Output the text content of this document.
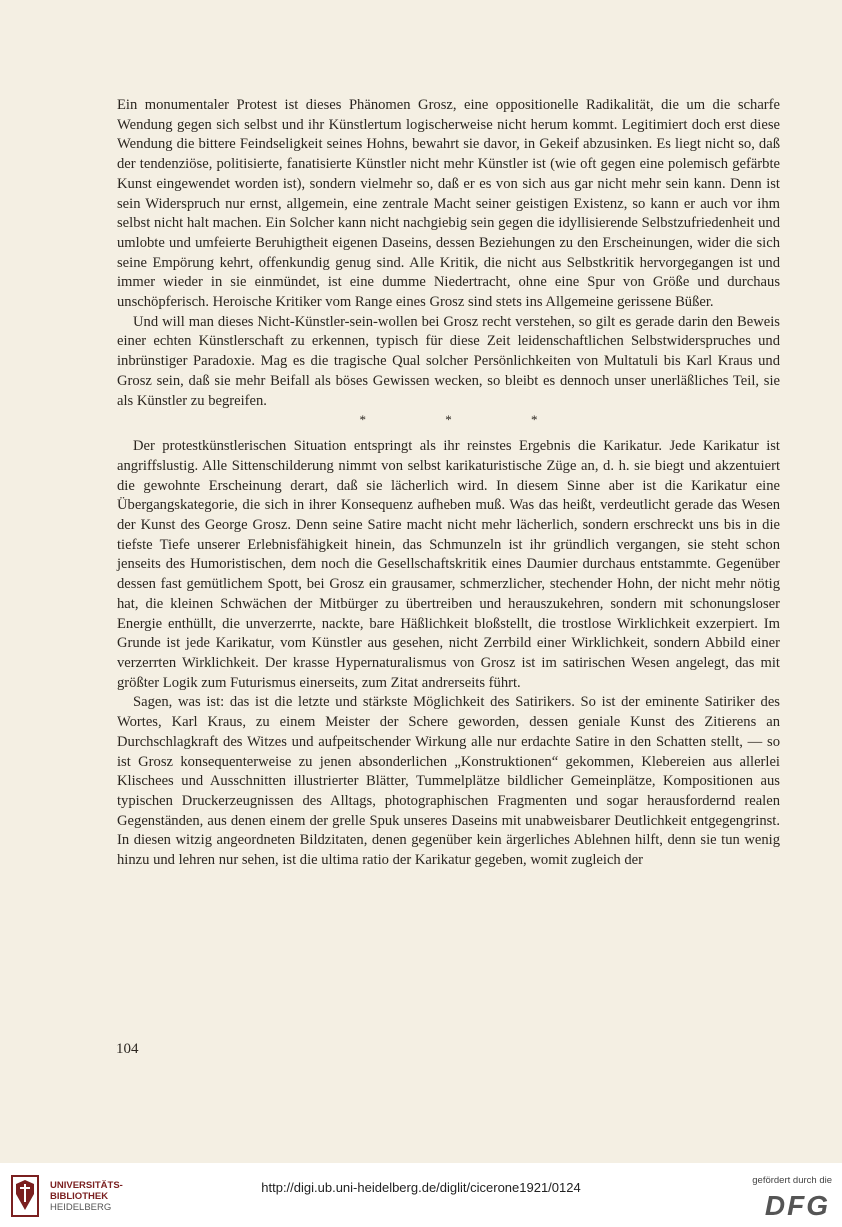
Ein monumentaler Protest ist dieses Phänomen Grosz, eine oppositionelle Radikalität, die um die scharfe Wendung gegen sich selbst und ihr Künstlertum logischerweise nicht herum kommt. Legitimiert doch erst diese Wendung die bittere Feindseligkeit seines Hohns, bewahrt sie davor, in Gekeif abzusinken. Es liegt nicht so, daß der tendenziöse, politisierte, fanatisierte Künstler nicht mehr Künstler ist (wie oft gegen eine polemisch gefärbte Kunst eingewendet worden ist), sondern vielmehr so, daß er es von sich aus gar nicht mehr sein kann. Denn ist sein Widerspruch nur ernst, allgemein, eine zentrale Macht seiner geistigen Existenz, so kann er auch vor ihm selbst nicht halt machen. Ein Solcher kann nicht nachgiebig sein gegen die idyllisierende Selbstzufriedenheit und umlobte und umfeierte Beruhigtheit eigenen Daseins, dessen Beziehungen zu den Erscheinungen, wider die sich seine Empörung kehrt, offenkundig genug sind. Alle Kritik, die nicht aus Selbstkritik hervorgegangen ist und immer wieder in sie einmündet, ist eine dumme Niedertracht, ohne eine Spur von Größe und durchaus unschöpferisch. Heroische Kritiker vom Range eines Grosz sind stets ins Allgemeine gerissene Büßer.

Und will man dieses Nicht-Künstler-sein-wollen bei Grosz recht verstehen, so gilt es gerade darin den Beweis einer echten Künstlerschaft zu erkennen, typisch für diese Zeit leidenschaftlichen Selbstwiderspruches und inbrünstiger Paradoxie. Mag es die tragische Qual solcher Persönlichkeiten von Multatuli bis Karl Kraus und Grosz sein, daß sie mehr Beifall als böses Gewissen wecken, so bleibt es dennoch unser unerläßliches Teil, sie als Künstler zu begreifen.

* * *

Der protestkünstlerischen Situation entspringt als ihr reinstes Ergebnis die Karikatur. Jede Karikatur ist angriffslustig. Alle Sittenschilderung nimmt von selbst karikaturistische Züge an, d. h. sie biegt und akzentuiert die gewohnte Erscheinung derart, daß sie lächerlich wird. In diesem Sinne aber ist die Karikatur eine Übergangskategorie, die sich in ihrer Konsequenz aufheben muß. Was das heißt, verdeutlicht gerade das Wesen der Kunst des George Grosz. Denn seine Satire macht nicht mehr lächerlich, sondern erschreckt uns bis in die tiefste Tiefe unserer Erlebnisfähigkeit hinein, das Schmunzeln ist ihr gründlich vergangen, sie steht schon jenseits des Humoristischen, dem noch die Gesellschaftskritik eines Daumier durchaus entstammte. Gegenüber dessen fast gemütlichem Spott, bei Grosz ein grausamer, schmerzlicher, stechender Hohn, der nicht mehr nötig hat, die kleinen Schwächen der Mitbürger zu übertreiben und herauszukehren, sondern mit schonungsloser Energie enthüllt, die unverzerrte, nackte, bare Häßlichkeit bloßstellt, die trostlose Wirklichkeit exzerpiert. Im Grunde ist jede Karikatur, vom Künstler aus gesehen, nicht Zerrbild einer Wirklichkeit, sondern Abbild einer verzerrten Wirklichkeit. Der krasse Hypernaturalismus von Grosz ist im satirischen Wesen angelegt, das mit größter Logik zum Futurismus einerseits, zum Zitat andrerseits führt.

Sagen, was ist: das ist die letzte und stärkste Möglichkeit des Satirikers. So ist der eminente Satiriker des Wortes, Karl Kraus, zu einem Meister der Schere geworden, dessen geniale Kunst des Zitierens an Durchschlagkraft des Witzes und aufpeitschender Wirkung alle nur erdachte Satire in den Schatten stellt, — so ist Grosz konsequenterweise zu jenen absonderlichen „Konstruktionen“ gekommen, Klebereien aus allerlei Klischees und Ausschnitten illustrierter Blätter, Tummelplätze bildlicher Gemeinplätze, Kompositionen aus typischen Druckerzeugnissen des Alltags, photographischen Fragmenten und sogar herausfordernd realen Gegenständen, aus denen einem der grelle Spuk unseres Daseins mit unabweisbarer Deutlichkeit entgegengrinst. In diesen witzig angeordneten Bildzitaten, denen gegenüber kein ärgerliches Ablehnen hilft, denn sie tun wenig hinzu und lehren nur sehen, ist die ultima ratio der Karikatur gegeben, womit zugleich der

104
UNIVERSITÄTS-
BIBLIOTHEK
HEIDELBERG
http://digi.ub.uni-heidelberg.de/diglit/cicerone1921/0124	gefördert durch die
DFG
